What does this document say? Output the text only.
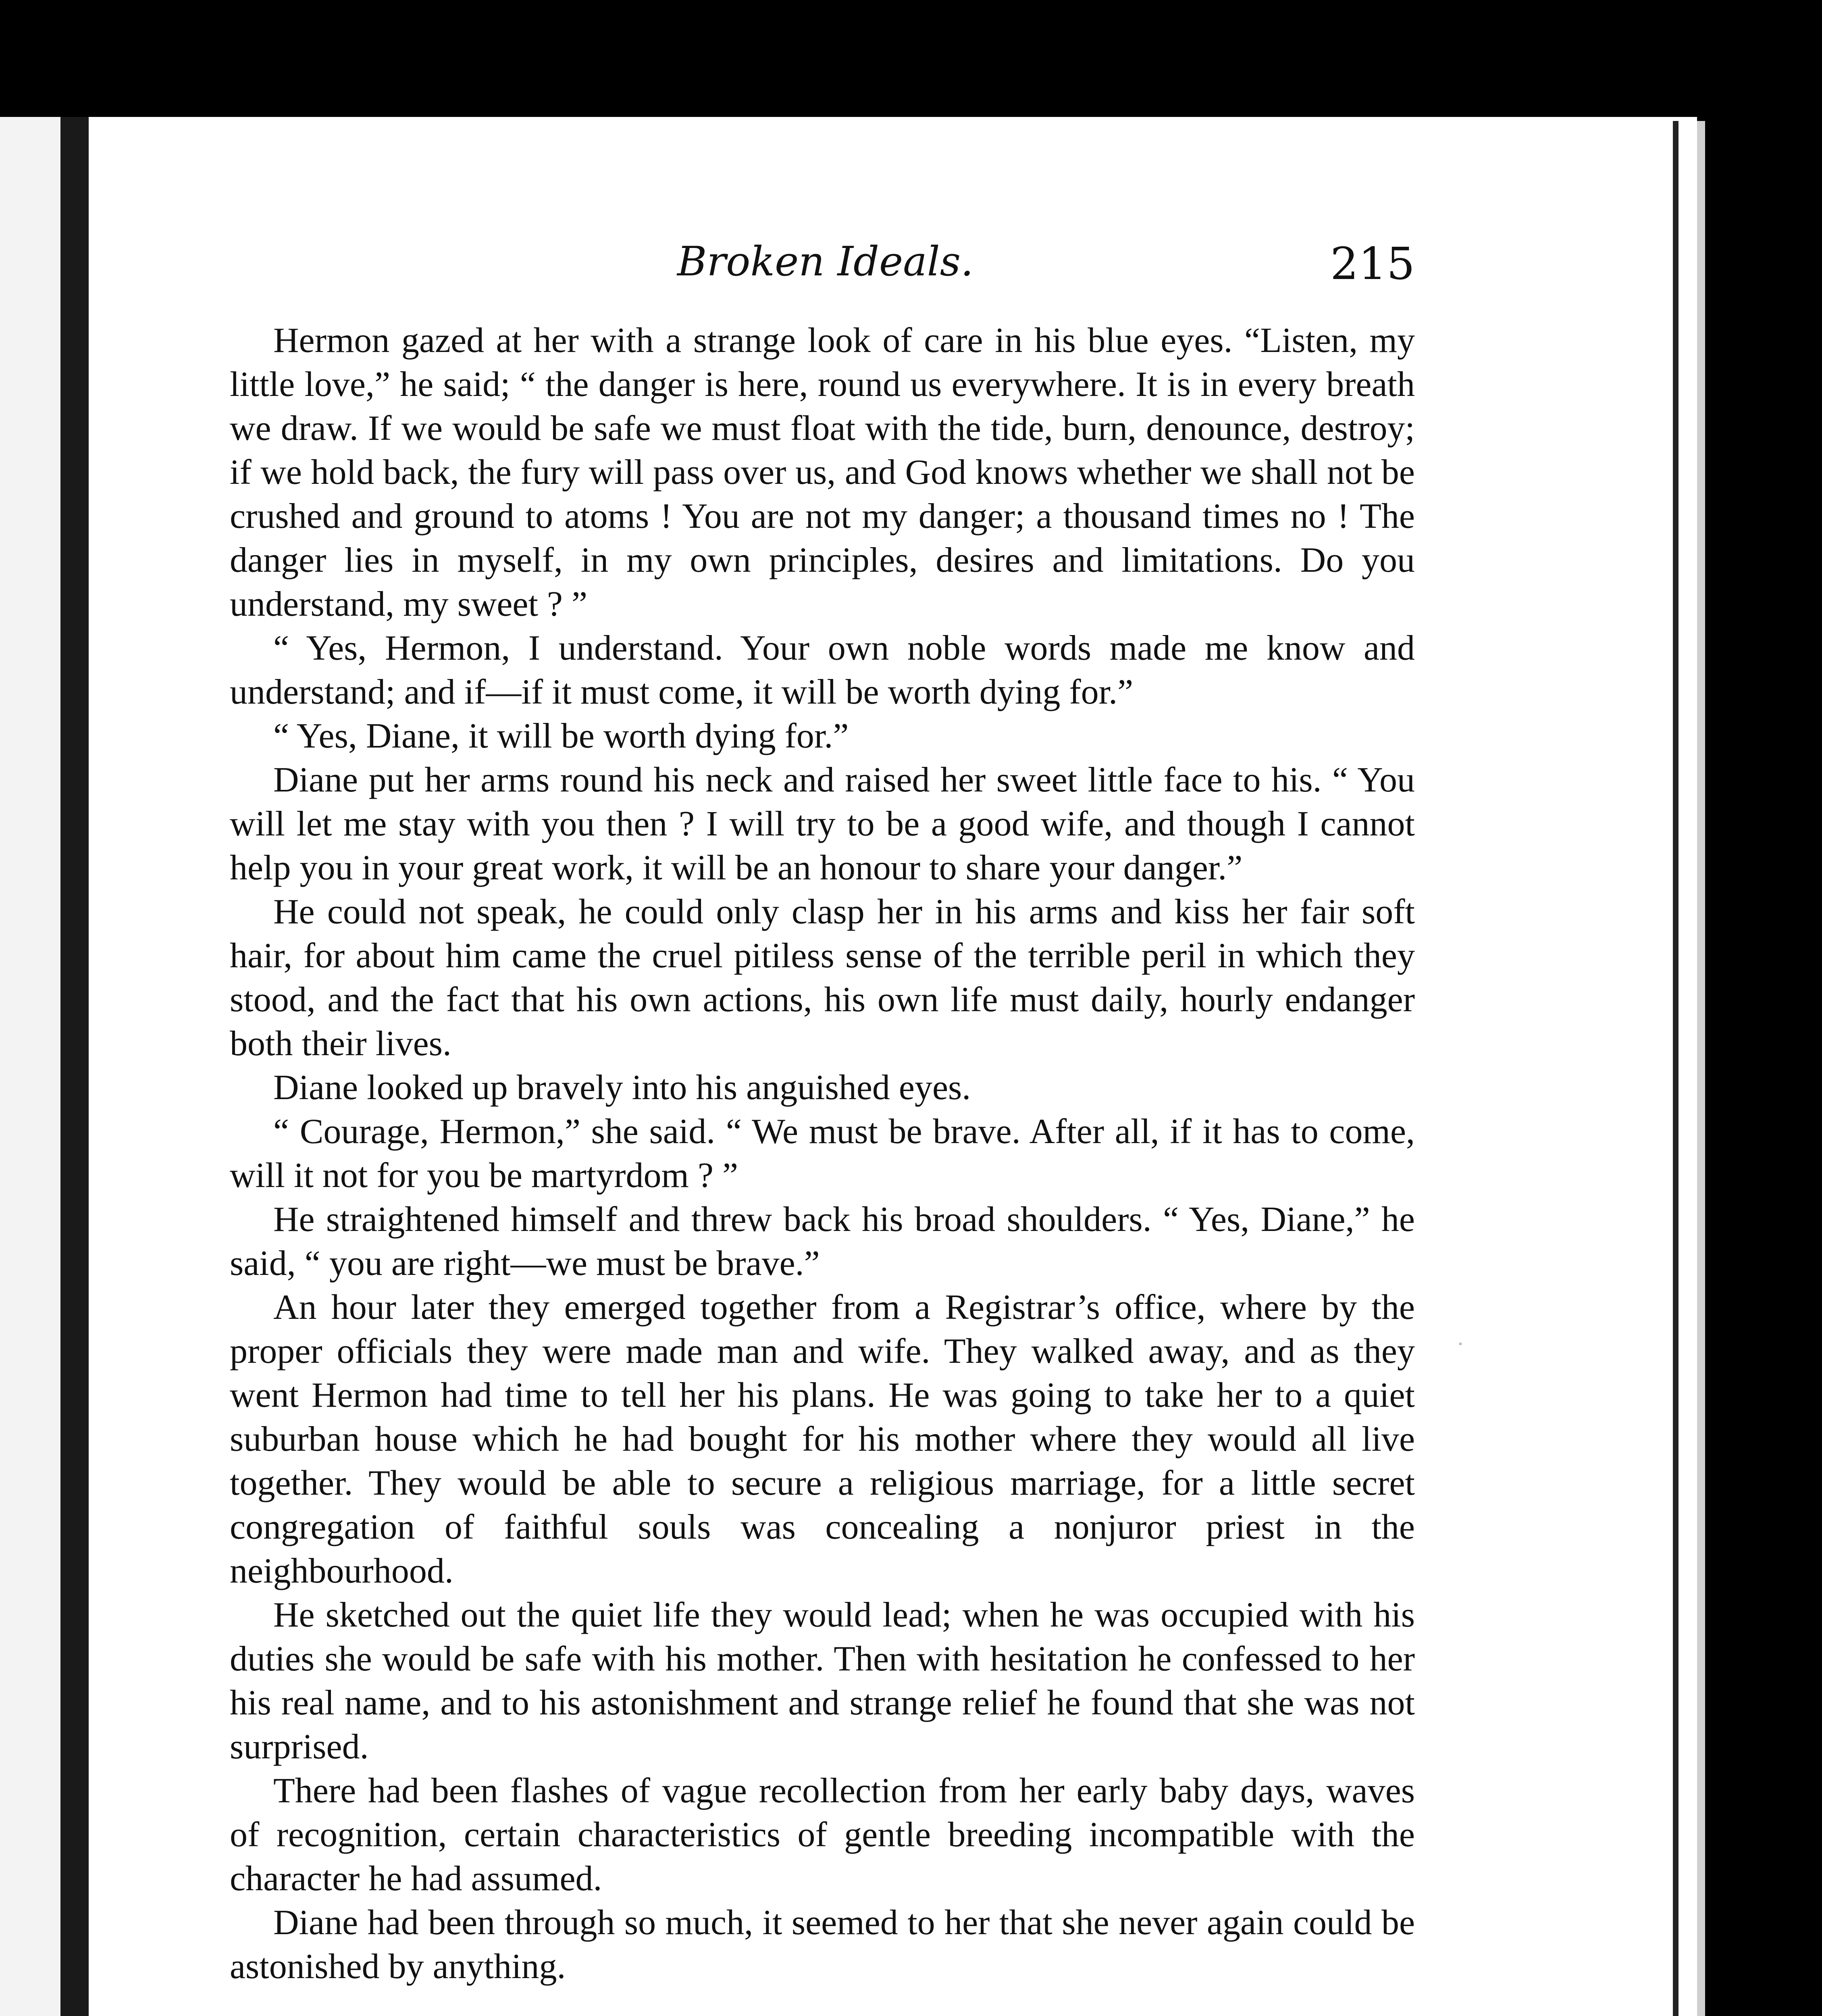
Broken Ideals.	215

Hermon gazed at her with a strange look of care in his blue eyes. “Listen, my little love,” he said; “ the danger is here, round us everywhere. It is in every breath we draw. If we would be safe we must float with the tide, burn, denounce, destroy; if we hold back, the fury will pass over us, and God knows whether we shall not be crushed and ground to atoms ! You are not my danger; a thousand times no ! The danger lies in myself, in my own principles, desires and limitations. Do you understand, my sweet ? ”

“ Yes, Hermon, I understand. Your own noble words made me know and understand; and if—if it must come, it will be worth dying for.”

“ Yes, Diane, it will be worth dying for.”

Diane put her arms round his neck and raised her sweet little face to his. “ You will let me stay with you then ? I will try to be a good wife, and though I cannot help you in your great work, it will be an honour to share your danger.”

He could not speak, he could only clasp her in his arms and kiss her fair soft hair, for about him came the cruel pitiless sense of the terrible peril in which they stood, and the fact that his own actions, his own life must daily, hourly endanger both their lives.

Diane looked up bravely into his anguished eyes.

“ Courage, Hermon,” she said. “ We must be brave. After all, if it has to come, will it not for you be martyrdom ? ”

He straightened himself and threw back his broad shoulders. “ Yes, Diane,” he said, “ you are right—we must be brave.”

An hour later they emerged together from a Registrar’s office, where by the proper officials they were made man and wife. They walked away, and as they went Hermon had time to tell her his plans. He was going to take her to a quiet suburban house which he had bought for his mother where they would all live together. They would be able to secure a religious marriage, for a little secret congregation of faithful souls was concealing a nonjuror priest in the neighbourhood.

He sketched out the quiet life they would lead; when he was occupied with his duties she would be safe with his mother. Then with hesitation he confessed to her his real name, and to his astonishment and strange relief he found that she was not surprised.

There had been flashes of vague recollection from her early baby days, waves of recognition, certain characteristics of gentle breeding incompatible with the character he had assumed.

Diane had been through so much, it seemed to her that she never again could be astonished by anything.
